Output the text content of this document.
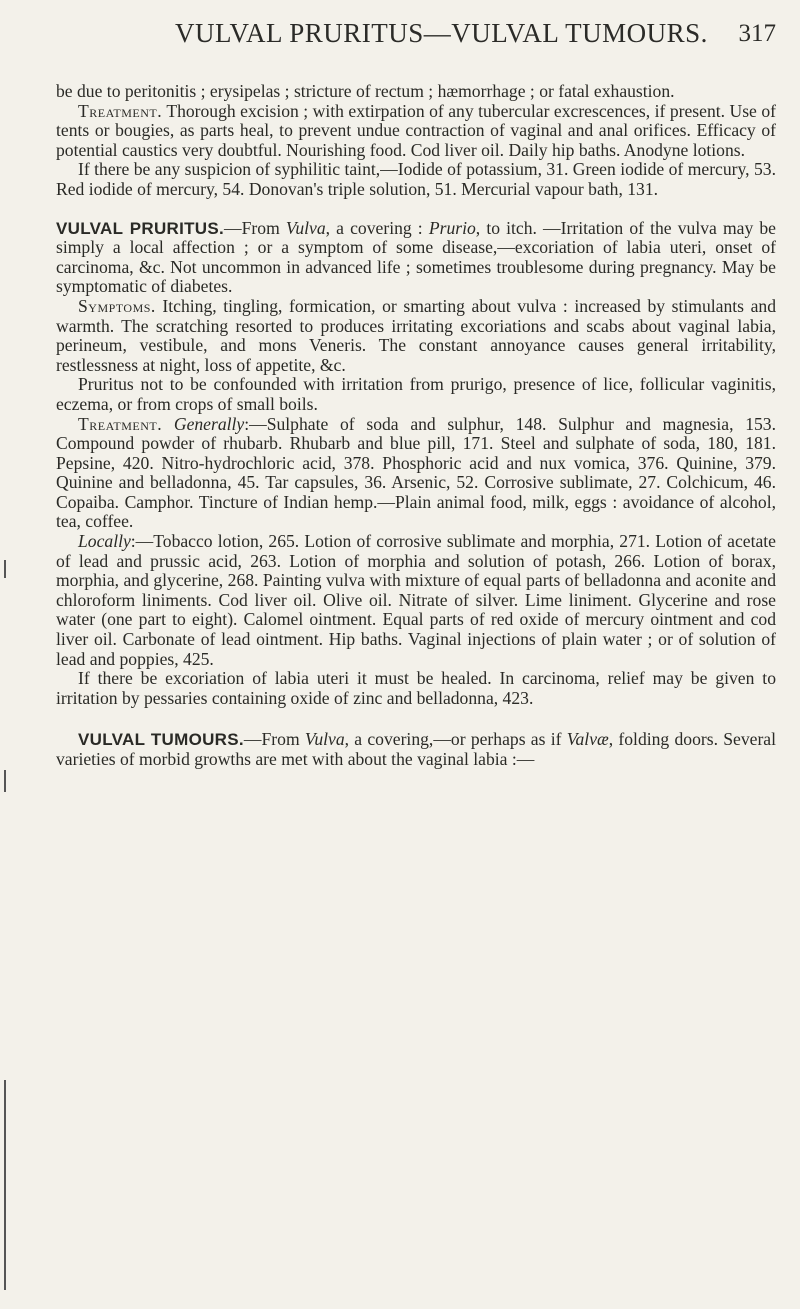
VULVAL PRURITUS—VULVAL TUMOURS. 317

be due to peritonitis ; erysipelas ; stricture of rectum ; hæmorrhage ; or fatal exhaustion.

Treatment. Thorough excision ; with extirpation of any tubercular excrescences, if present. Use of tents or bougies, as parts heal, to prevent undue contraction of vaginal and anal orifices. Efficacy of potential caustics very doubtful. Nourishing food. Cod liver oil. Daily hip baths. Anodyne lotions.

If there be any suspicion of syphilitic taint,—Iodide of potassium, 31. Green iodide of mercury, 53. Red iodide of mercury, 54. Donovan's triple solution, 51. Mercurial vapour bath, 131.

VULVAL PRURITUS.—From Vulva, a covering : Prurio, to itch. —Irritation of the vulva may be simply a local affection ; or a symptom of some disease,—excoriation of labia uteri, onset of carcinoma, &c. Not uncommon in advanced life ; sometimes troublesome during pregnancy. May be symptomatic of diabetes.

Symptoms. Itching, tingling, formication, or smarting about vulva : increased by stimulants and warmth. The scratching resorted to produces irritating excoriations and scabs about vaginal labia, perineum, vestibule, and mons Veneris. The constant annoyance causes general irritability, restlessness at night, loss of appetite, &c.

Pruritus not to be confounded with irritation from prurigo, presence of lice, follicular vaginitis, eczema, or from crops of small boils.

Treatment. Generally:—Sulphate of soda and sulphur, 148. Sulphur and magnesia, 153. Compound powder of rhubarb. Rhubarb and blue pill, 171. Steel and sulphate of soda, 180, 181. Pepsine, 420. Nitro-hydrochloric acid, 378. Phosphoric acid and nux vomica, 376. Quinine, 379. Quinine and belladonna, 45. Tar capsules, 36. Arsenic, 52. Corrosive sublimate, 27. Colchicum, 46. Copaiba. Camphor. Tincture of Indian hemp.—Plain animal food, milk, eggs : avoidance of alcohol, tea, coffee.

Locally:—Tobacco lotion, 265. Lotion of corrosive sublimate and morphia, 271. Lotion of acetate of lead and prussic acid, 263. Lotion of morphia and solution of potash, 266. Lotion of borax, morphia, and glycerine, 268. Painting vulva with mixture of equal parts of belladonna and aconite and chloroform liniments. Cod liver oil. Olive oil. Nitrate of silver. Lime liniment. Glycerine and rose water (one part to eight). Calomel ointment. Equal parts of red oxide of mercury ointment and cod liver oil. Carbonate of lead ointment. Hip baths. Vaginal injections of plain water ; or of solution of lead and poppies, 425.

If there be excoriation of labia uteri it must be healed. In carcinoma, relief may be given to irritation by pessaries containing oxide of zinc and belladonna, 423.

VULVAL TUMOURS.—From Vulva, a covering,—or perhaps as if Valvæ, folding doors. Several varieties of morbid growths are met with about the vaginal labia :—
